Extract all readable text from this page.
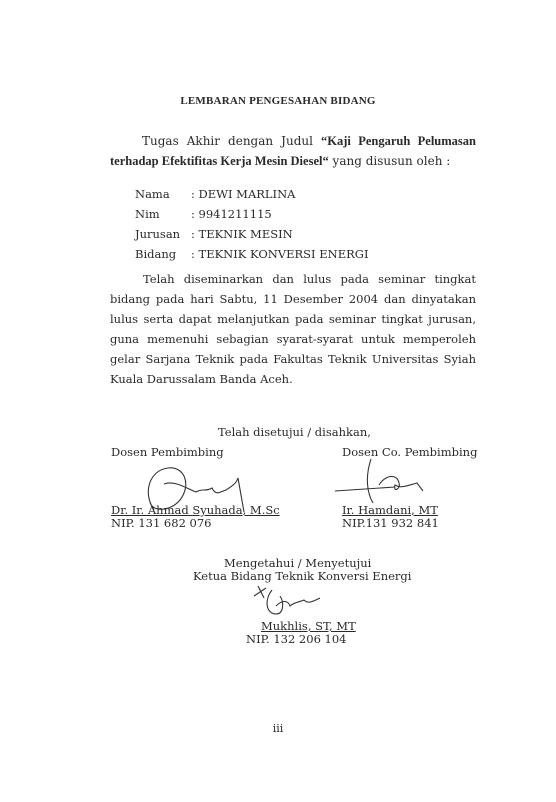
LEMBARAN PENGESAHAN BIDANG
Tugas Akhir dengan Judul “Kaji Pengaruh Pelumasan
terhadap Efektifitas Kerja Mesin Diesel“ yang disusun oleh :
Nama	: DEWI MARLINA
Nim	: 9941211115
Jurusan	: TEKNIK MESIN
Bidang	: TEKNIK KONVERSI ENERGI

Telah diseminarkan dan lulus pada seminar tingkat bidang pada hari Sabtu, 11 Desember 2004 dan dinyatakan lulus serta dapat melanjutkan pada seminar tingkat jurusan, guna memenuhi sebagian syarat-syarat untuk memperoleh gelar Sarjana Teknik pada Fakultas Teknik Universitas Syiah Kuala Darussalam Banda Aceh.

Telah disetujui / disahkan,
Dosen Pembimbing
Dr. Ir. Ahmad Syuhada, M.Sc
NIP. 131 682 076
Dosen Co. Pembimbing
Ir. Hamdani, MT
NIP.131 932 841
Mengetahui / Menyetujui
Ketua Bidang Teknik Konversi Energi
Mukhlis, ST, MT
NIP. 132 206 104
iii
